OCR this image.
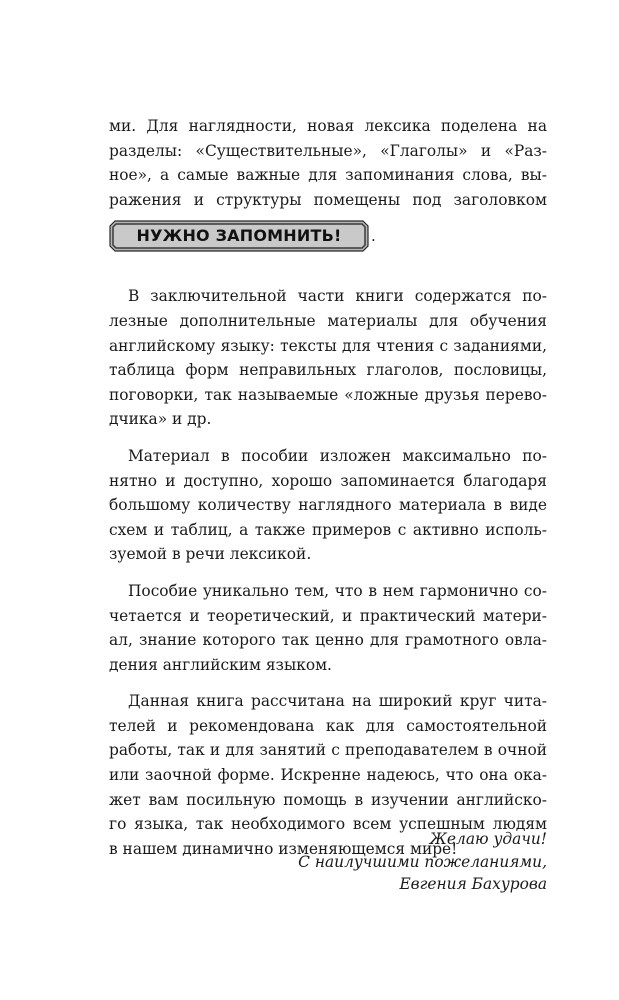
ми. Для наглядности, новая лексика поделена на
разделы: «Существительные», «Глаголы» и «Раз-
ное», а самые важные для запоминания слова, вы-
ражения и структуры помещены под заголовком
НУЖНО ЗАПОМНИТЬ!	.
В заключительной части книги содержатся по-
лезные дополнительные материалы для обучения
английскому языку: тексты для чтения с заданиями,
таблица форм неправильных глаголов, пословицы,
поговорки, так называемые «ложные друзья перево-
дчика» и др.
Материал в пособии изложен максимально по-
нятно и доступно, хорошо запоминается благодаря
большому количеству наглядного материала в виде
схем и таблиц, а также примеров с активно исполь-
зуемой в речи лексикой.
Пособие уникально тем, что в нем гармонично со-
четается и теоретический, и практический матери-
ал, знание которого так ценно для грамотного овла-
дения английским языком.
Данная книга рассчитана на широкий круг чита-
телей и рекомендована как для самостоятельной
работы, так и для занятий с преподавателем в очной
или заочной форме. Искренне надеюсь, что она ока-
жет вам посильную помощь в изучении английско-
го языка, так необходимого всем успешным людям
в нашем динамично изменяющемся мире!
Желаю удачи!
С наилучшими пожеланиями,
Евгения Бахурова
